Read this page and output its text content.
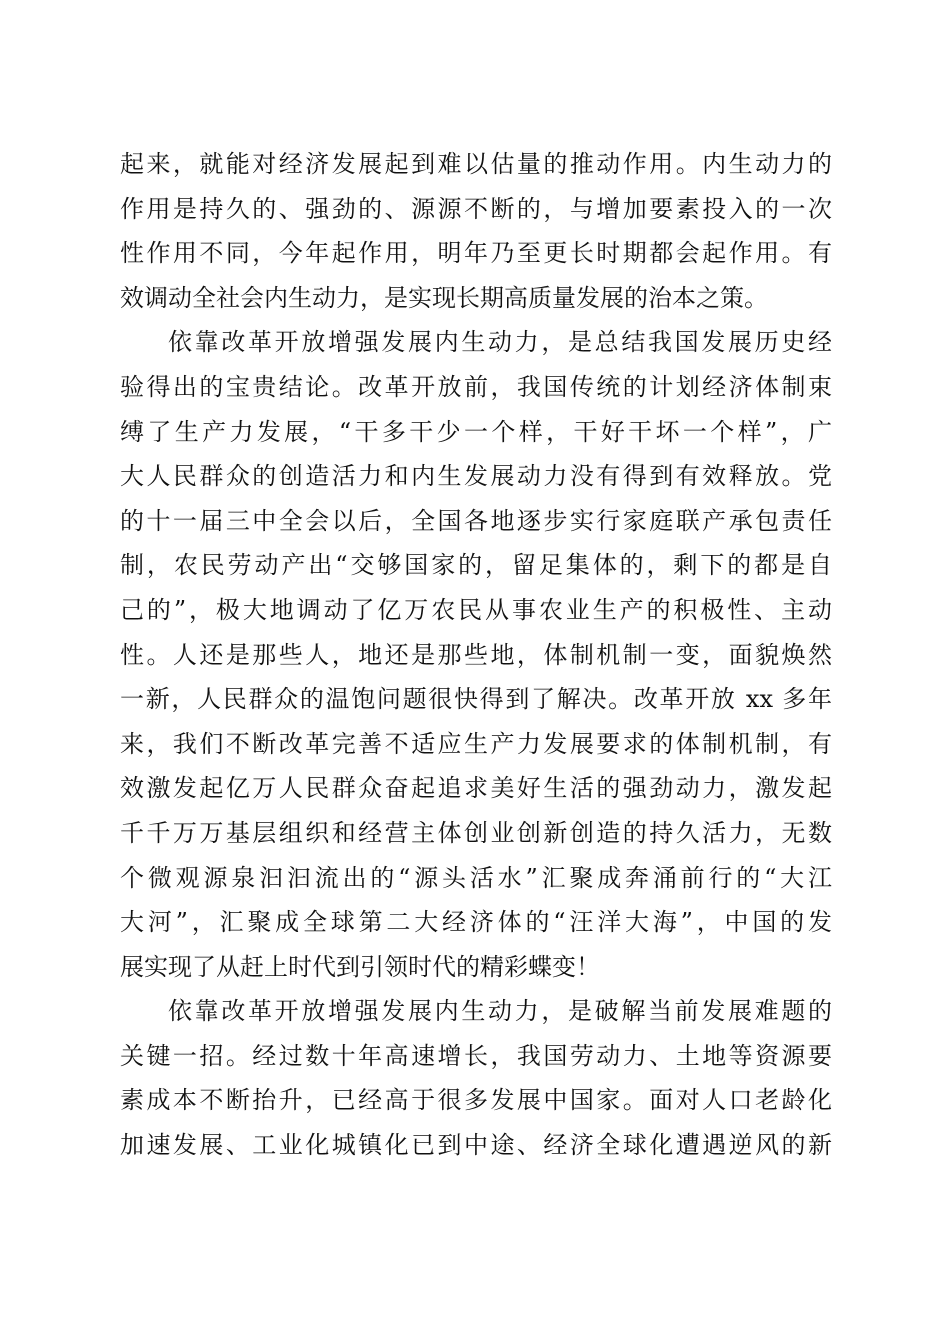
起来，就能对经济发展起到难以估量的推动作用。内生动力的
作用是持久的、强劲的、源源不断的，与增加要素投入的一次
性作用不同，今年起作用，明年乃至更长时期都会起作用。有
效调动全社会内生动力，是实现长期高质量发展的治本之策。
依靠改革开放增强发展内生动力，是总结我国发展历史经
验得出的宝贵结论。改革开放前，我国传统的计划经济体制束
缚了生产力发展，“干多干少一个样，干好干坏一个样”，广
大人民群众的创造活力和内生发展动力没有得到有效释放。党
的十一届三中全会以后，全国各地逐步实行家庭联产承包责任
制，农民劳动产出“交够国家的，留足集体的，剩下的都是自
己的”，极大地调动了亿万农民从事农业生产的积极性、主动
性。人还是那些人，地还是那些地，体制机制一变，面貌焕然
一新，人民群众的温饱问题很快得到了解决。改革开放 xx 多年
来，我们不断改革完善不适应生产力发展要求的体制机制，有
效激发起亿万人民群众奋起追求美好生活的强劲动力，激发起
千千万万基层组织和经营主体创业创新创造的持久活力，无数
个微观源泉汩汩流出的“源头活水”汇聚成奔涌前行的“大江
大河”，汇聚成全球第二大经济体的“汪洋大海”，中国的发
展实现了从赶上时代到引领时代的精彩蝶变！
依靠改革开放增强发展内生动力，是破解当前发展难题的
关键一招。经过数十年高速增长，我国劳动力、土地等资源要
素成本不断抬升，已经高于很多发展中国家。面对人口老龄化
加速发展、工业化城镇化已到中途、经济全球化遭遇逆风的新
